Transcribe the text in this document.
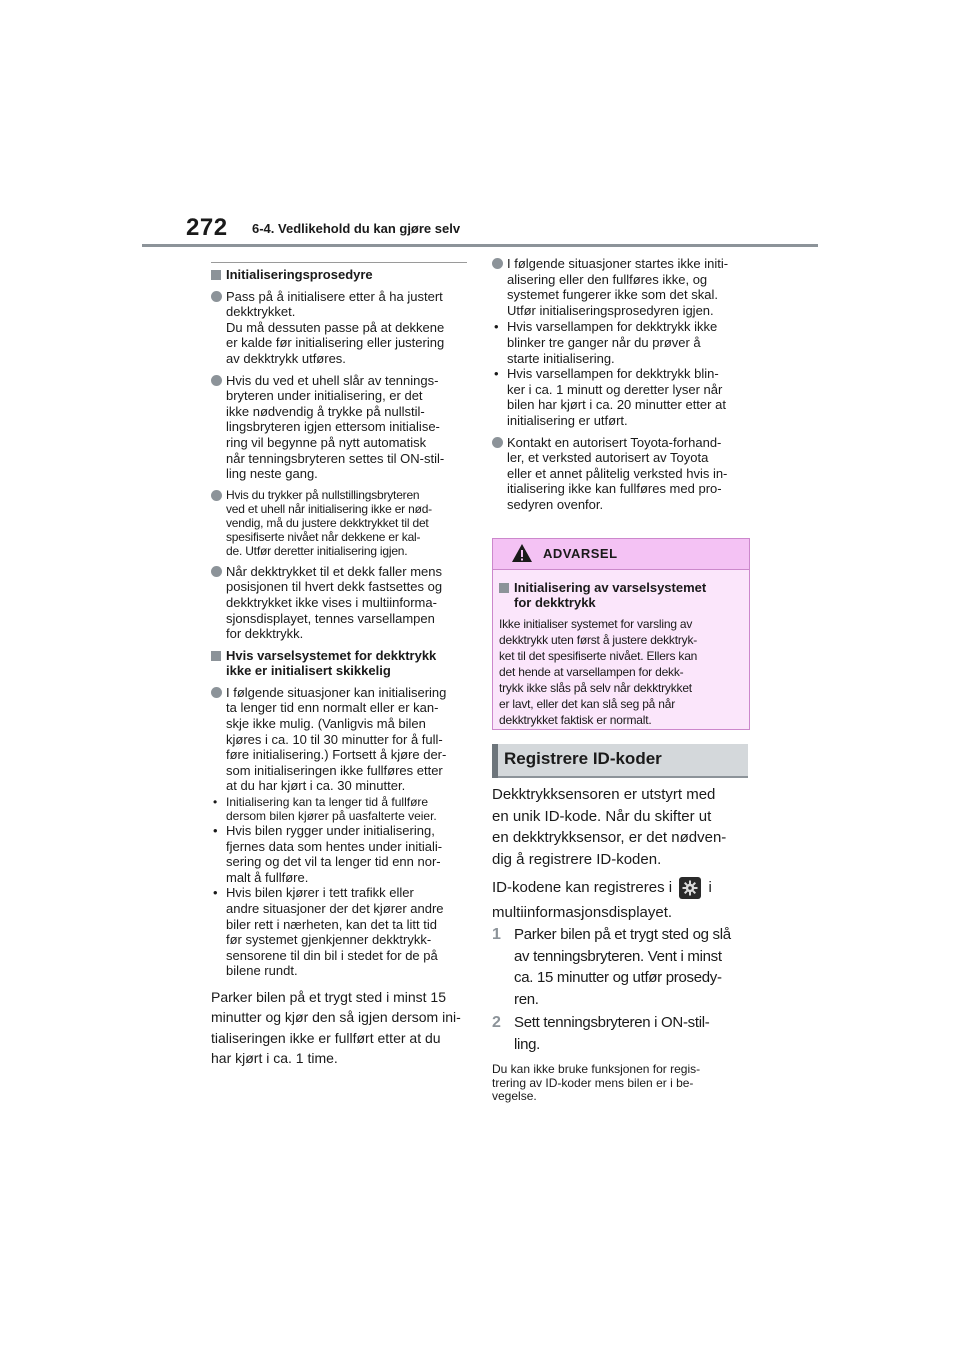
272 6-4. Vedlikehold du kan gjøre selv
Initialiseringsprosedyre
Pass på å initialisere etter å ha justert
dekktrykket.
Du må dessuten passe på at dekkene
er kalde før initialisering eller justering
av dekktrykk utføres.
Hvis du ved et uhell slår av tennings-
bryteren under initialisering, er det
ikke nødvendig å trykke på nullstil-
lingsbryteren igjen ettersom initialise-
ring vil begynne på nytt automatisk
når tenningsbryteren settes til ON-stil-
ling neste gang.
Hvis du trykker på nullstillingsbryteren
ved et uhell når initialisering ikke er nød-
vendig, må du justere dekktrykket til det
spesifiserte nivået når dekkene er kal-
de. Utfør deretter initialisering igjen.
Når dekktrykket til et dekk faller mens
posisjonen til hvert dekk fastsettes og
dekktrykket ikke vises i multiinforma-
sjonsdisplayet, tennes varsellampen
for dekktrykk.
Hvis varselsystemet for dekktrykk
ikke er initialisert skikkelig
I følgende situasjoner kan initialisering
ta lenger tid enn normalt eller er kan-
skje ikke mulig. (Vanligvis må bilen
kjøres i ca. 10 til 30 minutter for å full-
føre initialisering.) Fortsett å kjøre der-
som initialiseringen ikke fullføres etter
at du har kjørt i ca. 30 minutter.
• Initialisering kan ta lenger tid å fullføre
dersom bilen kjører på uasfalterte veier.
• Hvis bilen rygger under initialisering,
fjernes data som hentes under initiali-
sering og det vil ta lenger tid enn nor-
malt å fullføre.
• Hvis bilen kjører i tett trafikk eller
andre situasjoner der det kjører andre
biler rett i nærheten, kan det ta litt tid
før systemet gjenkjenner dekktrykk-
sensorene til din bil i stedet for de på
bilene rundt.
Parker bilen på et trygt sted i minst 15
minutter og kjør den så igjen dersom ini-
tialiseringen ikke er fullført etter at du
har kjørt i ca. 1 time.
I følgende situasjoner startes ikke initi-
alisering eller den fullføres ikke, og
systemet fungerer ikke som det skal.
Utfør initialiseringsprosedyren igjen.
• Hvis varsellampen for dekktrykk ikke
blinker tre ganger når du prøver å
starte initialisering.
• Hvis varsellampen for dekktrykk blin-
ker i ca. 1 minutt og deretter lyser når
bilen har kjørt i ca. 20 minutter etter at
initialisering er utført.
Kontakt en autorisert Toyota-forhand-
ler, et verksted autorisert av Toyota
eller et annet pålitelig verksted hvis in-
itialisering ikke kan fullføres med pro-
sedyren ovenfor.
ADVARSEL
Initialisering av varselsystemet
for dekktrykk
Ikke initialiser systemet for varsling av
dekktrykk uten først å justere dekktryk-
ket til det spesifiserte nivået. Ellers kan
det hende at varsellampen for dekk-
trykk ikke slås på selv når dekktrykket
er lavt, eller det kan slå seg på når
dekktrykket faktisk er normalt.
Registrere ID-koder
Dekktrykksensoren er utstyrt med
en unik ID-kode. Når du skifter ut
en dekktrykksensor, er det nødven-
dig å registrere ID-koden.
ID-kodene kan registreres i i
multiinformasjonsdisplayet.
1 Parker bilen på et trygt sted og slå
av tenningsbryteren. Vent i minst
ca. 15 minutter og utfør prosedy-
ren.
2 Sett tenningsbryteren i ON-stil-
ling.
Du kan ikke bruke funksjonen for regis-
trering av ID-koder mens bilen er i be-
vegelse.
